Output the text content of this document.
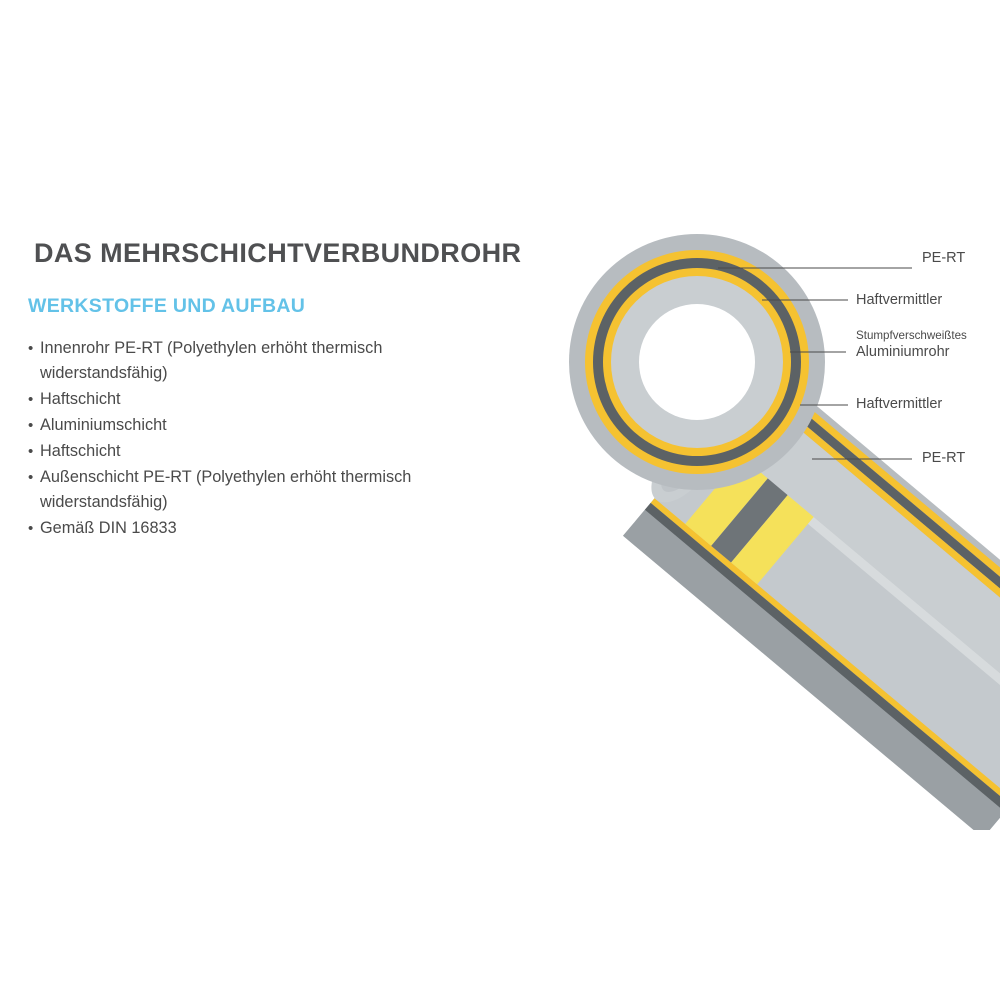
DAS MEHRSCHICHTVERBUNDROHR
WERKSTOFFE UND AUFBAU
• Innenrohr PE-RT (Polyethylen erhöht thermisch
widerstandsfähig)
• Haftschicht
• Aluminiumschicht
• Haftschicht
• Außenschicht PE-RT (Polyethylen erhöht thermisch
widerstandsfähig)
• Gemäß DIN 16833
PE-RT
Haftvermittler
Stumpfverschweißtes
Aluminiumrohr
Haftvermittler
PE-RT
